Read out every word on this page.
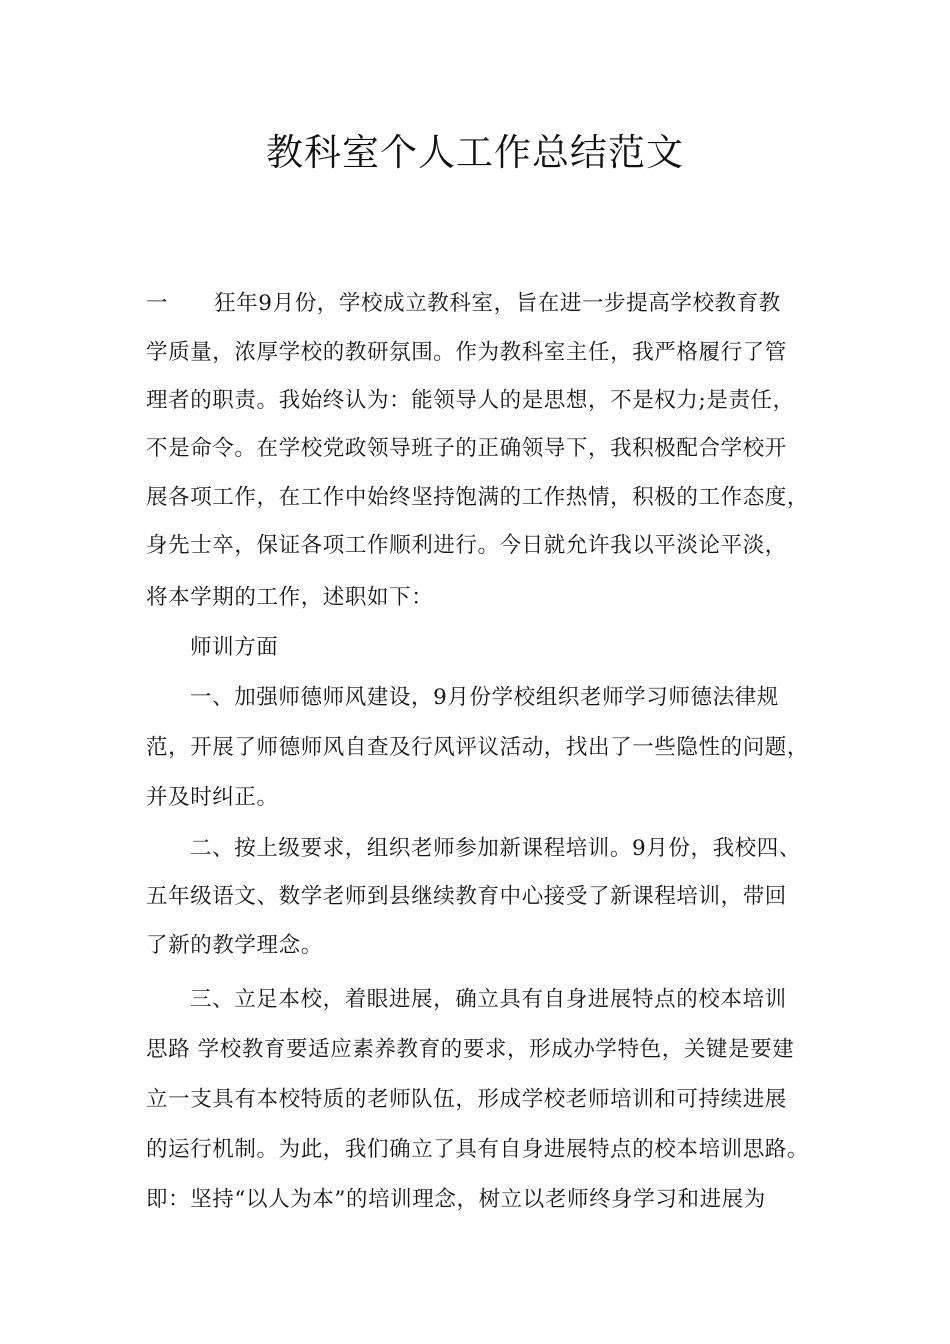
教科室个人工作总结范文
一 狂年9月份，学校成立教科室，旨在进一步提高学校教育教
学质量，浓厚学校的教研氛围。作为教科室主任，我严格履行了管
理者的职责。我始终认为：能领导人的是思想，不是权力;是责任，
不是命令。在学校党政领导班子的正确领导下，我积极配合学校开
展各项工作，在工作中始终坚持饱满的工作热情，积极的工作态度，
身先士卒，保证各项工作顺利进行。今日就允许我以平淡论平淡，
将本学期的工作，述职如下：
师训方面
一、加强师德师风建设，9月份学校组织老师学习师德法律规
范，开展了师德师风自查及行风评议活动，找出了一些隐性的问题，
并及时纠正。
二、按上级要求，组织老师参加新课程培训。9月份，我校四、
五年级语文、数学老师到县继续教育中心接受了新课程培训，带回
了新的教学理念。
三、立足本校，着眼进展，确立具有自身进展特点的校本培训
思路 学校教育要适应素养教育的要求，形成办学特色，关键是要建
立一支具有本校特质的老师队伍，形成学校老师培训和可持续进展
的运行机制。为此，我们确立了具有自身进展特点的校本培训思路。
即：坚持“以人为本”的培训理念，树立以老师终身学习和进展为
